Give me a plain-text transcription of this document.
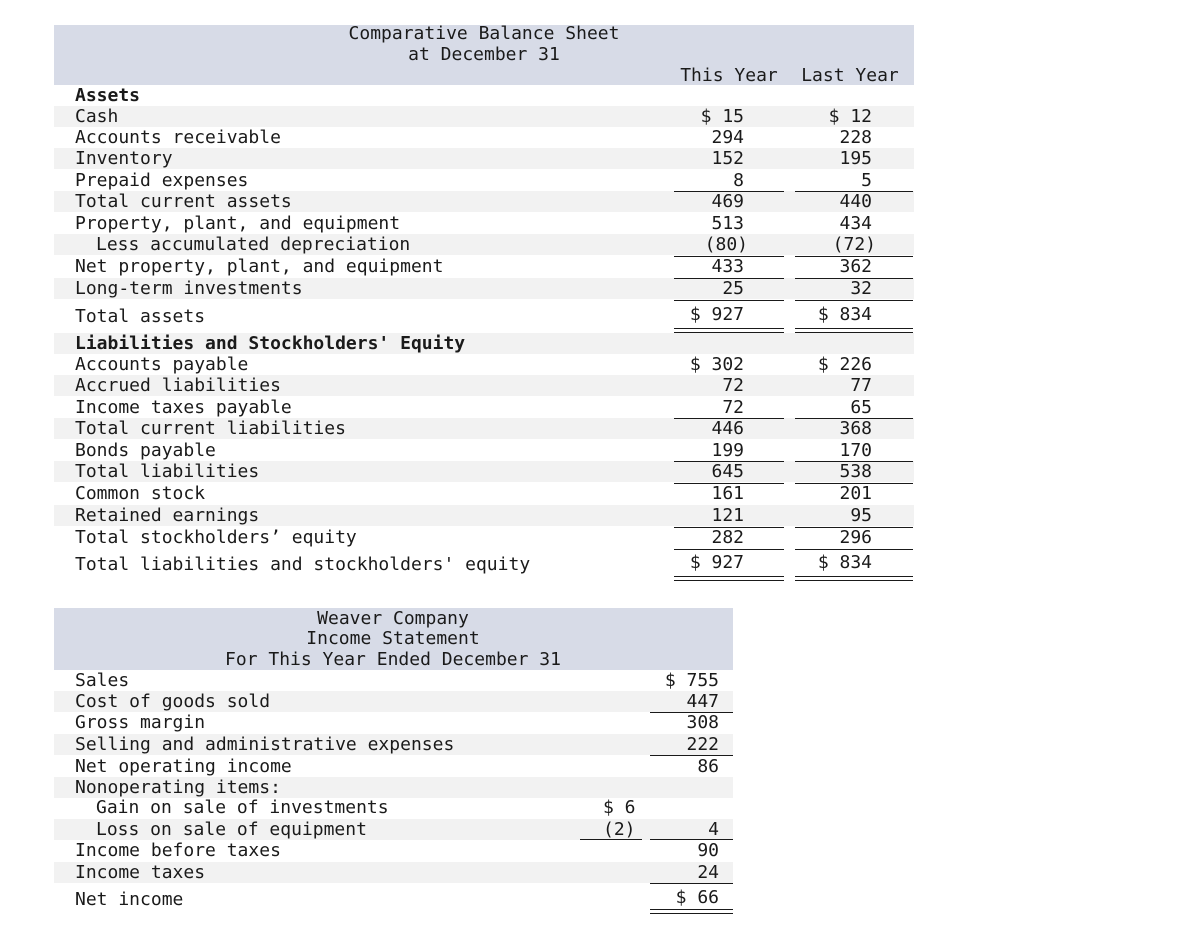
Comparative Balance Sheet
at December 31
This Year	Last Year
Assets
Liabilities and Stockholders' Equity
Cash
Accounts receivable
Inventory
Prepaid expenses
Total current assets
Property, plant, and equipment
Less accumulated depreciation
Net property, plant, and equipment
Long-term investments
Total assets
Accounts payable
Accrued liabilities
Income taxes payable
Total current liabilities
Bonds payable
Total liabilities
Common stock
Retained earnings
Total stockholders’ equity
Total liabilities and stockholders' equity
$ 15
294
152
8
469
513
(80)
433
25
$ 927
$ 302
72
72
446
199
645
161
121
282
$ 927
$ 12
228
195
5
440
434
(72)
362
32
$ 834
$ 226
77
65
368
170
538
201
95
296
$ 834
Weaver Company
Income Statement
For This Year Ended December 31
Sales
Cost of goods sold
Gross margin
Selling and administrative expenses
Net operating income
Nonoperating items:
Gain on sale of investments
Loss on sale of equipment
Income before taxes
Income taxes
Net income
$ 6
(2)
$ 755
447
308
222
86
4
90
24
$ 66
